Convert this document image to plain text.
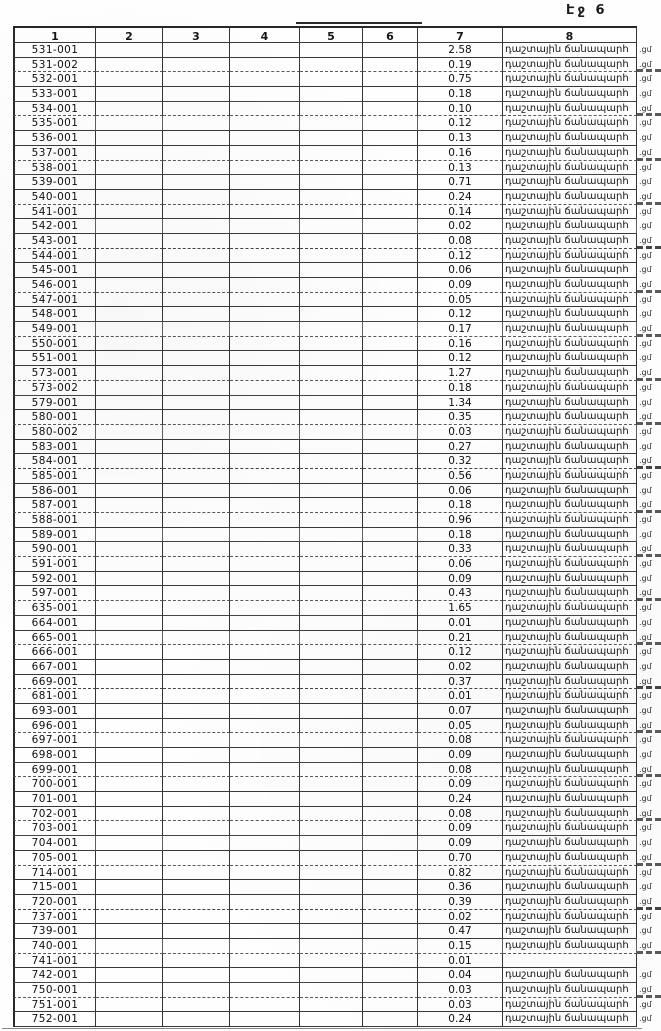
Էջ 6
1	2	3	4	5	6	7	8
531-001	2.58	դաշտային ճանապարհ	.ցմ
531-002	0.19	դաշտային ճանապարհ	.ցմ
532-001	0.75	դաշտային ճանապարհ	.ցմ
533-001	0.18	դաշտային ճանապարհ	.ցմ
534-001	0.10	դաշտային ճանապարհ	.ցմ
535-001	0.12	դաշտային ճանապարհ	.ցմ
536-001	0.13	դաշտային ճանապարհ	.ցմ
537-001	0.16	դաշտային ճանապարհ	.ցմ
538-001	0.13	դաշտային ճանապարհ	.ցմ
539-001	0.71	դաշտային ճանապարհ	.ցմ
540-001	0.24	դաշտային ճանապարհ	.ցմ
541-001	0.14	դաշտային ճանապարհ	.ցմ
542-001	0.02	դաշտային ճանապարհ	.ցմ
543-001	0.08	դաշտային ճանապարհ	.ցմ
544-001	0.12	դաշտային ճանապարհ	.ցմ
545-001	0.06	դաշտային ճանապարհ	.ցմ
546-001	0.09	դաշտային ճանապարհ	.ցմ
547-001	0.05	դաշտային ճանապարհ	.ցմ
548-001	0.12	դաշտային ճանապարհ	.ցմ
549-001	0.17	դաշտային ճանապարհ	.ցմ
550-001	0.16	դաշտային ճանապարհ	.ցմ
551-001	0.12	դաշտային ճանապարհ	.ցմ
573-001	1.27	դաշտային ճանապարհ	.ցմ
573-002	0.18	դաշտային ճանապարհ	.ցմ
579-001	1.34	դաշտային ճանապարհ	.ցմ
580-001	0.35	դաշտային ճանապարհ	.ցմ
580-002	0.03	դաշտային ճանապարհ	.ցմ
583-001	0.27	դաշտային ճանապարհ	.ցմ
584-001	0.32	դաշտային ճանապարհ	.ցմ
585-001	0.56	դաշտային ճանապարհ	.ցմ
586-001	0.06	դաշտային ճանապարհ	.ցմ
587-001	0.18	դաշտային ճանապարհ	.ցմ
588-001	0.96	դաշտային ճանապարհ	.ցմ
589-001	0.18	դաշտային ճանապարհ	.ցմ
590-001	0.33	դաշտային ճանապարհ	.ցմ
591-001	0.06	դաշտային ճանապարհ	.ցմ
592-001	0.09	դաշտային ճանապարհ	.ցմ
597-001	0.43	դաշտային ճանապարհ	.ցմ
635-001	1.65	դաշտային ճանապարհ	.ցմ
664-001	0.01	դաշտային ճանապարհ	.ցմ
665-001	0.21	դաշտային ճանապարհ	.ցմ
666-001	0.12	դաշտային ճանապարհ	.ցմ
667-001	0.02	դաշտային ճանապարհ	.ցմ
669-001	0.37	դաշտային ճանապարհ	.ցմ
681-001	0.01	դաշտային ճանապարհ	.ցմ
693-001	0.07	դաշտային ճանապարհ	.ցմ
696-001	0.05	դաշտային ճանապարհ	.ցմ
697-001	0.08	դաշտային ճանապարհ	.ցմ
698-001	0.09	դաշտային ճանապարհ	.ցմ
699-001	0.08	դաշտային ճանապարհ	.ցմ
700-001	0.09	դաշտային ճանապարհ	.ցմ
701-001	0.24	դաշտային ճանապարհ	.ցմ
702-001	0.08	դաշտային ճանապարհ	.ցմ
703-001	0.09	դաշտային ճանապարհ	.ցմ
704-001	0.09	դաշտային ճանապարհ	.ցմ
705-001	0.70	դաշտային ճանապարհ	.ցմ
714-001	0.82	դաշտային ճանապարհ	.ցմ
715-001	0.36	դաշտային ճանապարհ	.ցմ
720-001	0.39	դաշտային ճանապարհ	.ցմ
737-001	0.02	դաշտային ճանապարհ	.ցմ
739-001	0.47	դաշտային ճանապարհ	.ցմ
740-001	0.15	դաշտային ճանապարհ	.ցմ
741-001	0.01
742-001	0.04	դաշտային ճանապարհ	.ցմ
750-001	0.03	դաշտային ճանապարհ	.ցմ
751-001	0.03	դաշտային ճանապարհ	.ցմ
752-001	0.24	դաշտային ճանապարհ	.ցմ
